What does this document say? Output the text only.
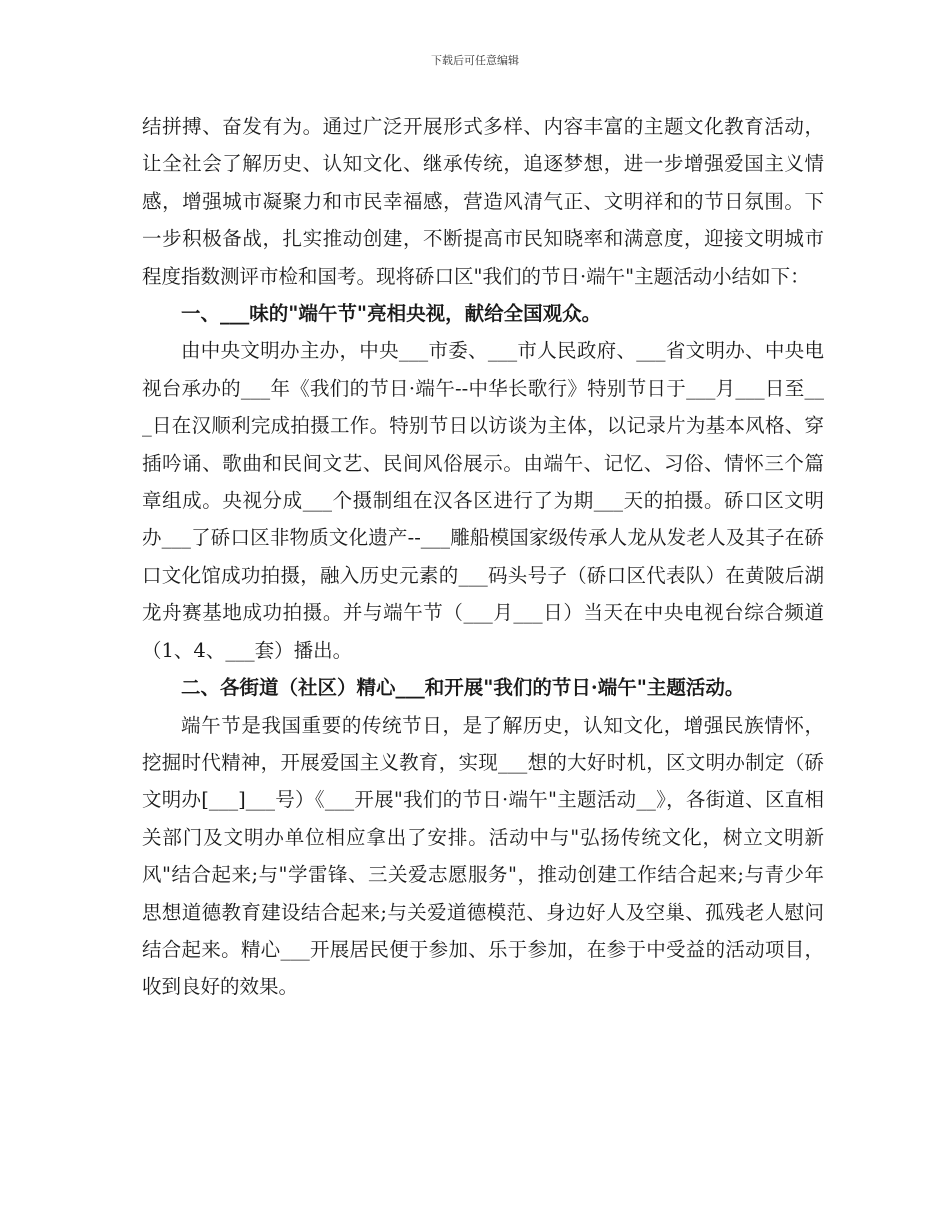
下载后可任意编辑

结拼搏、奋发有为。通过广泛开展形式多样、内容丰富的主题文化教育活动，让全社会了解历史、认知文化、继承传统，追逐梦想，进一步增强爱国主义情感，增强城市凝聚力和市民幸福感，营造风清气正、文明祥和的节日氛围。下一步积极备战，扎实推动创建，不断提高市民知晓率和满意度，迎接文明城市程度指数测评市检和国考。现将硚口区"我们的节日·端午"主题活动小结如下：

一、___味的"端午节"亮相央视，献给全国观众。

由中央文明办主办，中央___市委、___市人民政府、___省文明办、中央电视台承办的___年《我们的节日·端午--中华长歌行》特别节日于___月___日至___日在汉顺利完成拍摄工作。特别节日以访谈为主体，以记录片为基本风格、穿插吟诵、歌曲和民间文艺、民间风俗展示。由端午、记忆、习俗、情怀三个篇章组成。央视分成___个摄制组在汉各区进行了为期___天的拍摄。硚口区文明办___了硚口区非物质文化遗产--___雕船模国家级传承人龙从发老人及其子在硚口文化馆成功拍摄，融入历史元素的___码头号子（硚口区代表队）在黄陂后湖龙舟赛基地成功拍摄。并与端午节（___月___日）当天在中央电视台综合频道（1、4、___套）播出。

二、各街道（社区）精心___和开展"我们的节日·端午"主题活动。

端午节是我国重要的传统节日，是了解历史，认知文化，增强民族情怀，挖掘时代精神，开展爱国主义教育，实现___想的大好时机，区文明办制定（硚文明办[___]___号）《___开展"我们的节日·端午"主题活动__》，各街道、区直相关部门及文明办单位相应拿出了安排。活动中与"弘扬传统文化，树立文明新风"结合起来;与"学雷锋、三关爱志愿服务"，推动创建工作结合起来;与青少年思想道德教育建设结合起来;与关爱道德模范、身边好人及空巢、孤残老人慰问结合起来。精心___开展居民便于参加、乐于参加，在参于中受益的活动项目，收到良好的效果。
